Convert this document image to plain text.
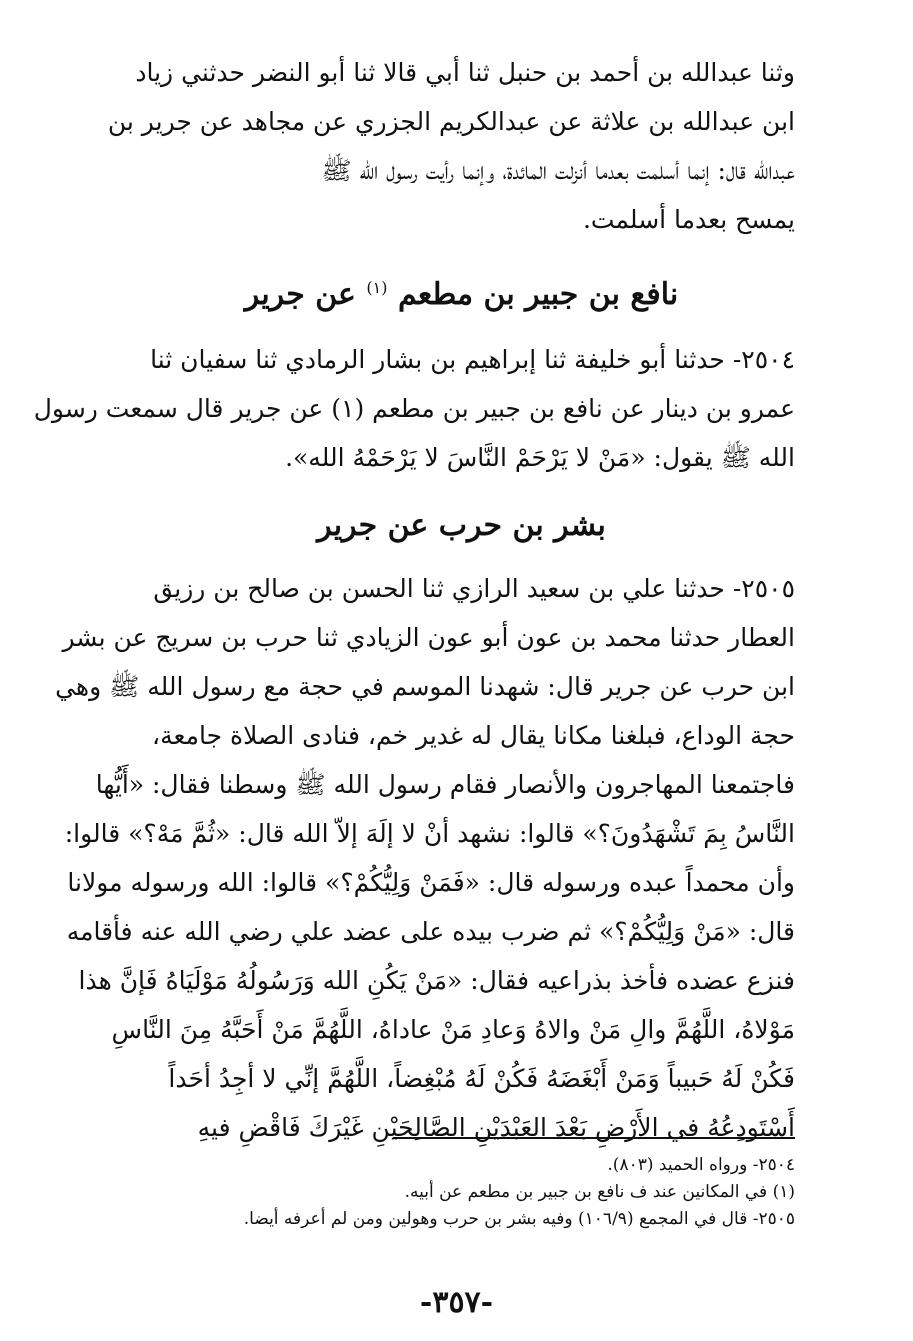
وثنا عبدالله بن أحمد بن حنبل ثنا أبي قالا ثنا أبو النضر حدثني زياد
ابن عبدالله بن علاثة عن عبدالكريم الجزري عن مجاهد عن جرير بن
عبدالله قال: إنما أسلمت بعدما أنزلت المائدة، وإنما رأيت رسول الله ﷺ
يمسح بعدما أسلمت.
نافع بن جبير بن مطعم $^{(١)}$ عن جرير
٢٥٠٤- حدثنا أبو خليفة ثنا إبراهيم بن بشار الرمادي ثنا سفيان ثنا
عمرو بن دينار عن نافع بن جبير بن مطعم (١) عن جرير قال سمعت رسول
الله ﷺ يقول: «مَنْ لا يَرْحَمْ النَّاسَ لا يَرْحَمْهُ الله».
بشر بن حرب عن جرير
٢٥٠٥- حدثنا علي بن سعيد الرازي ثنا الحسن بن صالح بن رزيق
العطار حدثنا محمد بن عون أبو عون الزيادي ثنا حرب بن سريج عن بشر
ابن حرب عن جرير قال: شهدنا الموسم في حجة مع رسول الله ﷺ وهي
حجة الوداع، فبلغنا مكانا يقال له غدير خم، فنادى الصلاة جامعة،
فاجتمعنا المهاجرون والأنصار فقام رسول الله ﷺ وسطنا فقال: «أَيُّها
النَّاسُ بِمَ تَشْهَدُونَ؟» قالوا: نشهد أنْ لا إلَهَ إلاّ الله قال: «ثُمَّ مَهْ؟» قالوا:
وأن محمداً عبده ورسوله قال: «فَمَنْ وَلِيُّكُمْ؟» قالوا: الله ورسوله مولانا
قال: «مَنْ وَلِيُّكُمْ؟» ثم ضرب بيده على عضد علي رضي الله عنه فأقامه
فنزع عضده فأخذ بذراعيه فقال: «مَنْ يَكُنِ الله وَرَسُولُهُ مَوْلَيَاهُ فَإنَّ هذا
مَوْلاهُ، اللَّهُمَّ والِ مَنْ والاهُ وَعادِ مَنْ عاداهُ، اللَّهُمَّ مَنْ أَحَبَّهُ مِنَ النَّاسِ
فَكُنْ لَهُ حَبيباً وَمَنْ أَبْغَضَهُ فَكُنْ لَهُ مُبْغِضاً، اللَّهُمَّ إنِّي لا أجِدُ أحَداً
أَسْتَودِعُهُ في الأَرْضِ بَعْدَ العَبْدَيْنِ الصَّالِحَيْنِ غَيْرَكَ فَاقْضِ فيهِ
٢٥٠٤- ورواه الحميد (٨٠٣).
(١) في المكانين عند ف نافع بن جبير بن مطعم عن أبيه.
٢٥٠٥- قال في المجمع (١٠٦/٩) وفيه بشر بن حرب وهولين ومن لم أعرفه أيضا.
-٣٥٧-
